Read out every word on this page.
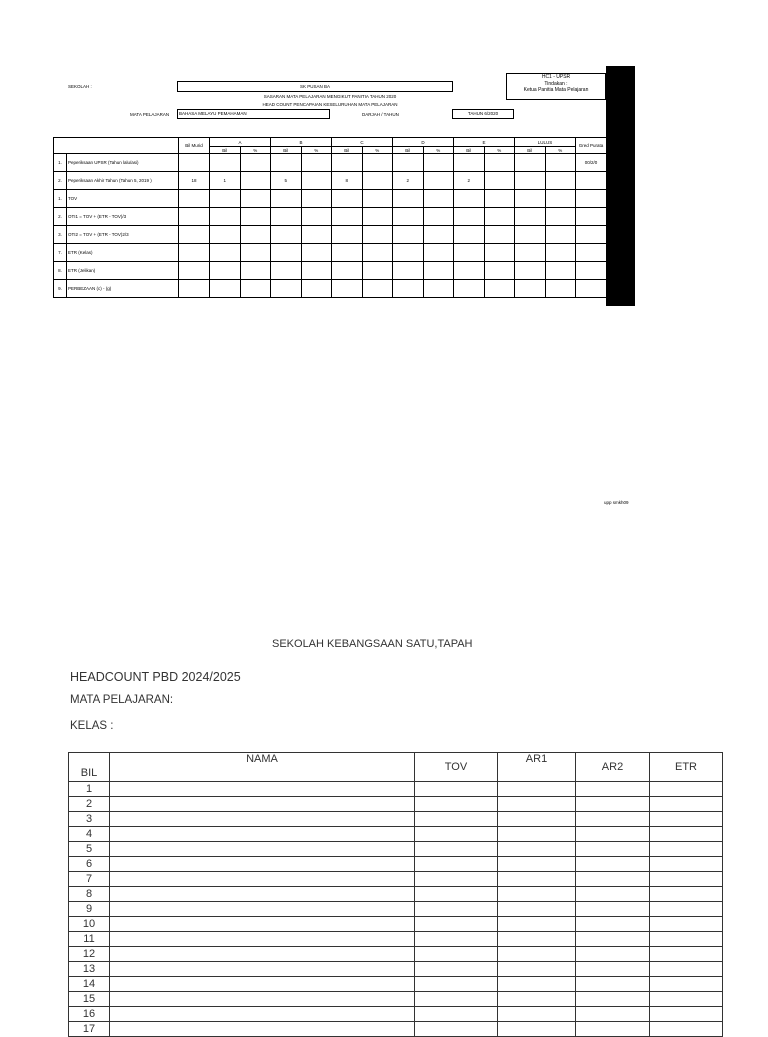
SEKOLAH :	SK PUSAN BA
SASARAN MATA PELAJARAN MENGIKUT PANITIA TAHUN 2020
HEAD COUNT PENCAPAIAN KESELURUHAN MATA PELAJARAN
MATA PELAJARAN	BAHASA MELAYU PEMAHAMAN	DARJAH / TAHUN	TAHUN 6/2020
HC1 - UPSR
Tindakan :
Ketua Panitia Mata Pelajaran
		Bil Murid	A		B		C		D		E		LULUS		Gred Purata
			Bil	%	Bil	%	Bil	%	Bil	%	Bil	%	Bil	%	
1.	Peperiksaan UPSR (Tahun lalu/asi)														00/2/0
2.	Peperiksaan Akhir Tahun (Tahun 5, 2019 )	18	1		5		8		2		2				
1.	TOV														
2.	OTI1 = TOV + (ETR - TOV)/3														
3.	OTI2 = TOV + (ETR - TOV)2/3														
7.	ETR (Kelas)														
8.	ETR (Jelikan)														
9.	PERBEZAAN (c) - (g)														
upp smkh09
SEKOLAH KEBANGSAAN SATU,TAPAH
HEADCOUNT PBD 2024/2025
MATA PELAJARAN:
KELAS :
BIL	NAMA	TOV	AR1	AR2	ETR
1					
2					
3					
4					
5					
6					
7					
8					
9					
10					
11					
12					
13					
14					
15					
16					
17					
